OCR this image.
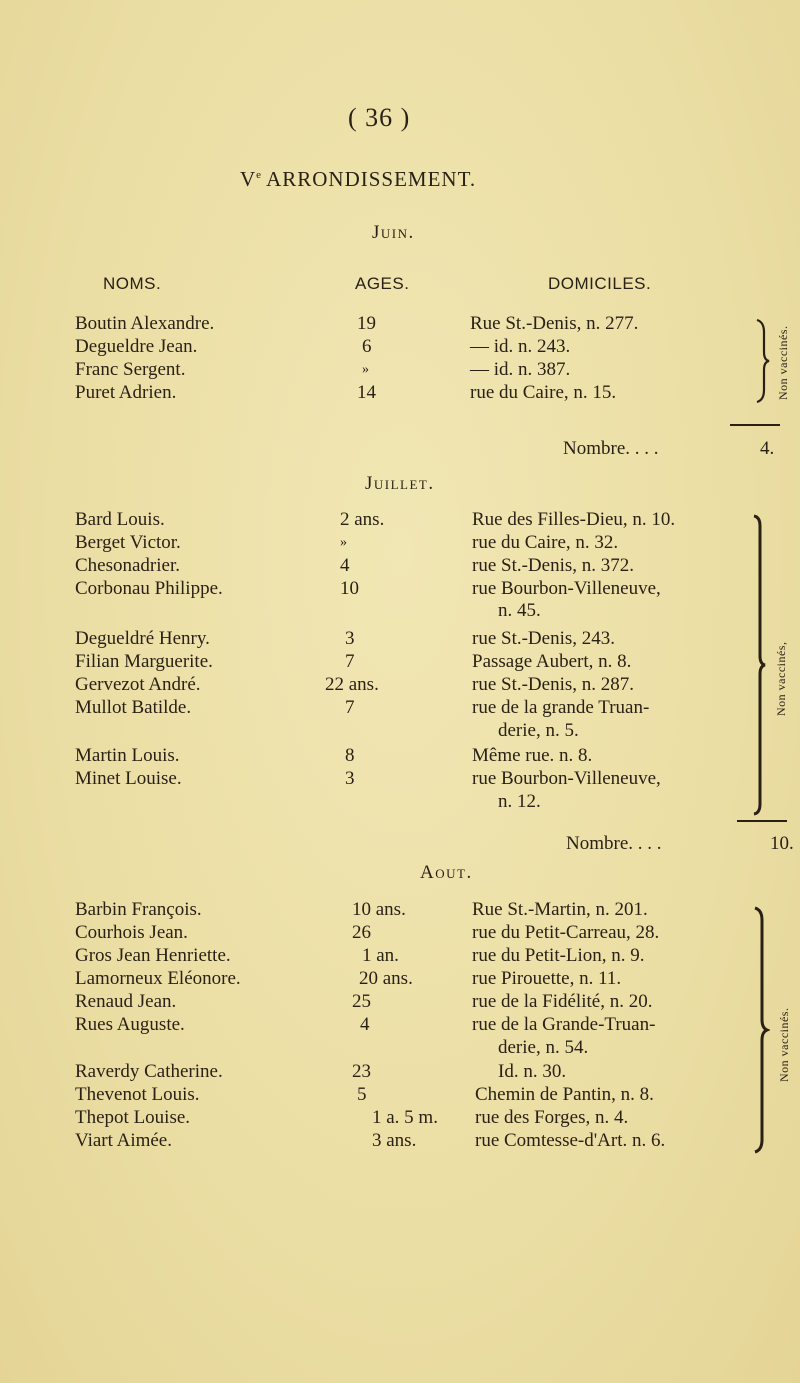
( 36 )
Ve ARRONDISSEMENT.
Juin.
NOMS.	AGES.	DOMICILES.
Boutin Alexandre.	19	Rue St.-Denis, n. 277.
Degueldre Jean.	6	— id. n. 243.
Franc Sergent.	»	— id. n. 387.
Puret Adrien.	14	rue du Caire, n. 15.	Non vaccinés.
Nombre. . . .	4.
Juillet.
Bard Louis.	2 ans.	Rue des Filles-Dieu, n. 10.
Berget Victor.	»	rue du Caire, n. 32.
Chesonadrier.	4	rue St.-Denis, n. 372.
Corbonau Philippe.	10	rue Bourbon-Villeneuve,
n. 45.
Degueldré Henry.	3	rue St.-Denis, 243.
Filian Marguerite.	7	Passage Aubert, n. 8.
Gervezot André.	22 ans.	rue St.-Denis, n. 287.
Mullot Batilde.	7	rue de la grande Truan-
derie, n. 5.
Martin Louis.	8	Même rue. n. 8.
Minet Louise.	3	rue Bourbon-Villeneuve,
n. 12.
Non vaccinés,
Nombre. . . .	10.
Aout.
Barbin François.	10 ans.	Rue St.-Martin, n. 201.
Courhois Jean.	26	rue du Petit-Carreau, 28.
Gros Jean Henriette.	1 an.	rue du Petit-Lion, n. 9.
Lamorneux Eléonore.	20 ans.	rue Pirouette, n. 11.
Renaud Jean.	25	rue de la Fidélité, n. 20.
Rues Auguste.	4	rue de la Grande-Truan-
derie, n. 54.
Raverdy Catherine.	23	Id. n. 30.
Thevenot Louis.	5	Chemin de Pantin, n. 8.
Thepot Louise.	1 a. 5 m. rue des Forges, n. 4.
Viart Aimée.	3 ans.	rue Comtesse-d'Art. n. 6.
Non vaccinés.
